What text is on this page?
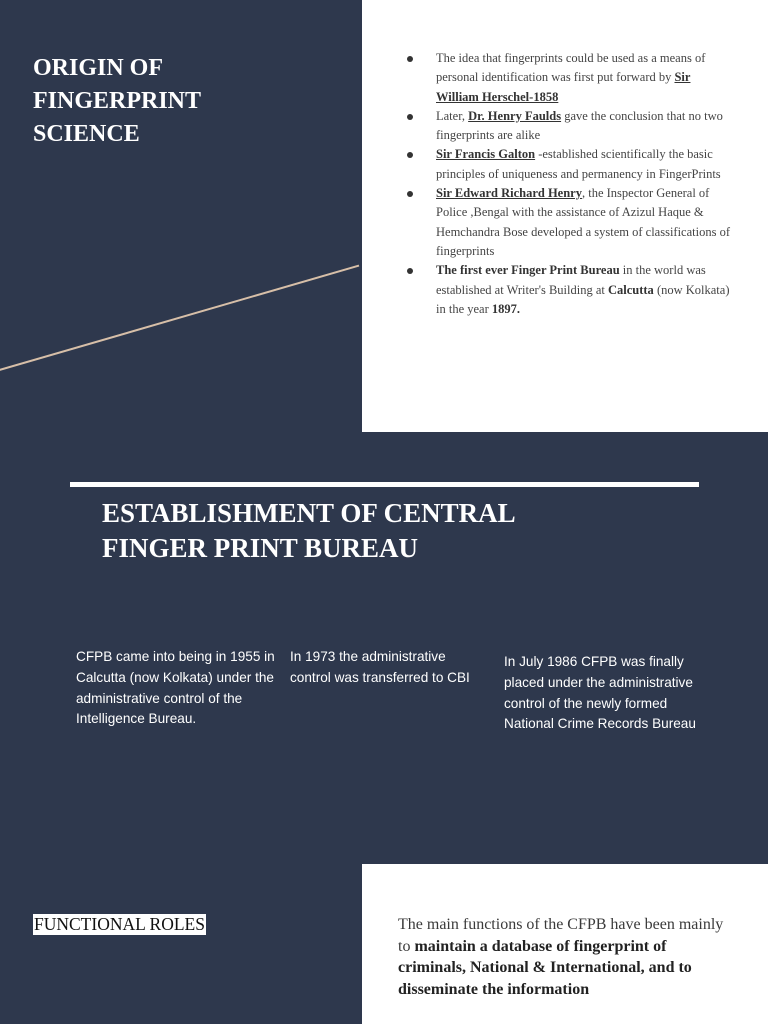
ORIGIN OF
FINGERPRINT
SCIENCE
The idea that fingerprints could be used as a means of personal identification was first put forward by Sir William Herschel-1858
Later, Dr. Henry Faulds gave the conclusion that no two fingerprints are alike
Sir Francis Galton -established scientifically the basic principles of uniqueness and permanency in FingerPrints
Sir Edward Richard Henry, the Inspector General of Police ,Bengal with the assistance of Azizul Haque & Hemchandra Bose developed a system of classifications of fingerprints
The first ever Finger Print Bureau in the world was established at Writer's Building at Calcutta (now Kolkata) in the year 1897.
ESTABLISHMENT OF CENTRAL
FINGER PRINT BUREAU

CFPB came into being in 1955 in Calcutta (now Kolkata) under the administrative control of the Intelligence Bureau.

In 1973 the administrative control was transferred to CBI

In July 1986 CFPB was finally placed under the administrative control of the newly formed National Crime Records Bureau

FUNCTIONAL ROLES	The main functions of the CFPB have been mainly to maintain a database of fingerprint of criminals, National & International, and to disseminate the information
